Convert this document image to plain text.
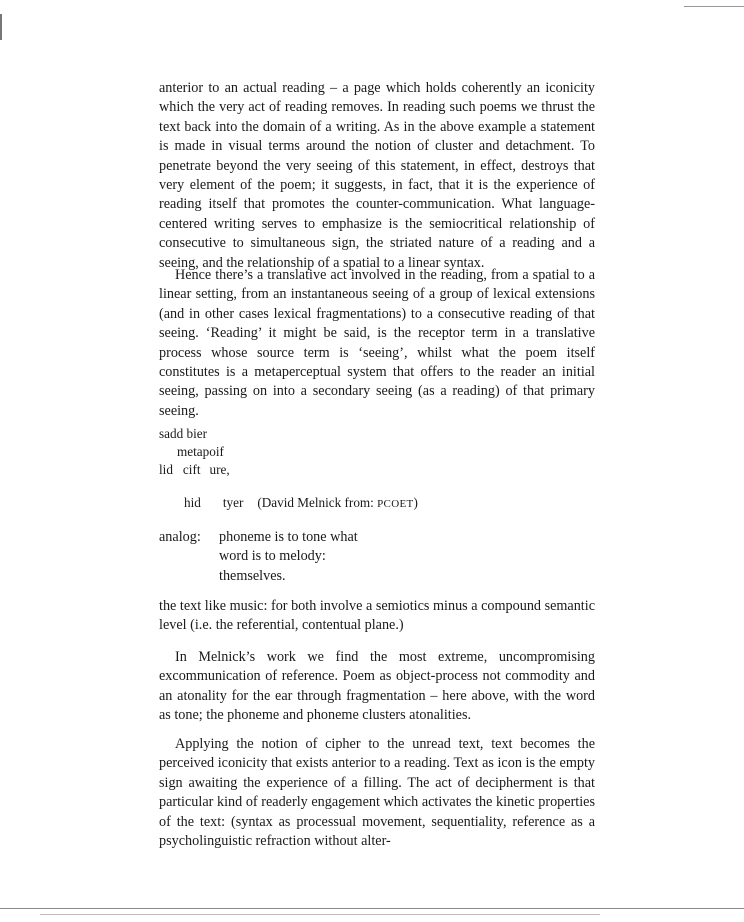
anterior to an actual reading – a page which holds coherently an iconicity which the very act of reading removes. In reading such poems we thrust the text back into the domain of a writing. As in the above example a statement is made in visual terms around the notion of cluster and detachment. To penetrate beyond the very seeing of this statement, in effect, destroys that very element of the poem; it suggests, in fact, that it is the experience of reading itself that promotes the counter-communication. What language-centered writing serves to emphasize is the semiocritical relationship of consecutive to simultaneous sign, the striated nature of a reading and a seeing, and the relationship of a spatial to a linear syntax.

Hence there’s a translative act involved in the reading, from a spatial to a linear setting, from an instantaneous seeing of a group of lexical extensions (and in other cases lexical fragmentations) to a consecutive reading of that seeing. ‘Reading’ it might be said, is the receptor term in a translative process whose source term is ‘seeing’, whilst what the poem itself constitutes is a metaperceptual system that offers to the reader an initial seeing, passing on into a secondary seeing (as a reading) of that primary seeing.

sadd bier
metapoif
lid cift ure,
hid tyer (David Melnick from: PCOET)
analog: phoneme is to tone what
word is to melody:
themselves.

the text like music: for both involve a semiotics minus a compound semantic level (i.e. the referential, contentual plane.)

In Melnick’s work we find the most extreme, uncompromising excommunication of reference. Poem as object-process not commodity and an atonality for the ear through fragmentation – here above, with the word as tone; the phoneme and phoneme clusters atonalities.

Applying the notion of cipher to the unread text, text becomes the perceived iconicity that exists anterior to a reading. Text as icon is the empty sign awaiting the experience of a filling. The act of decipherment is that particular kind of readerly engagement which activates the kinetic properties of the text: (syntax as processual movement, sequentiality, reference as a psycholinguistic refraction without alter-
